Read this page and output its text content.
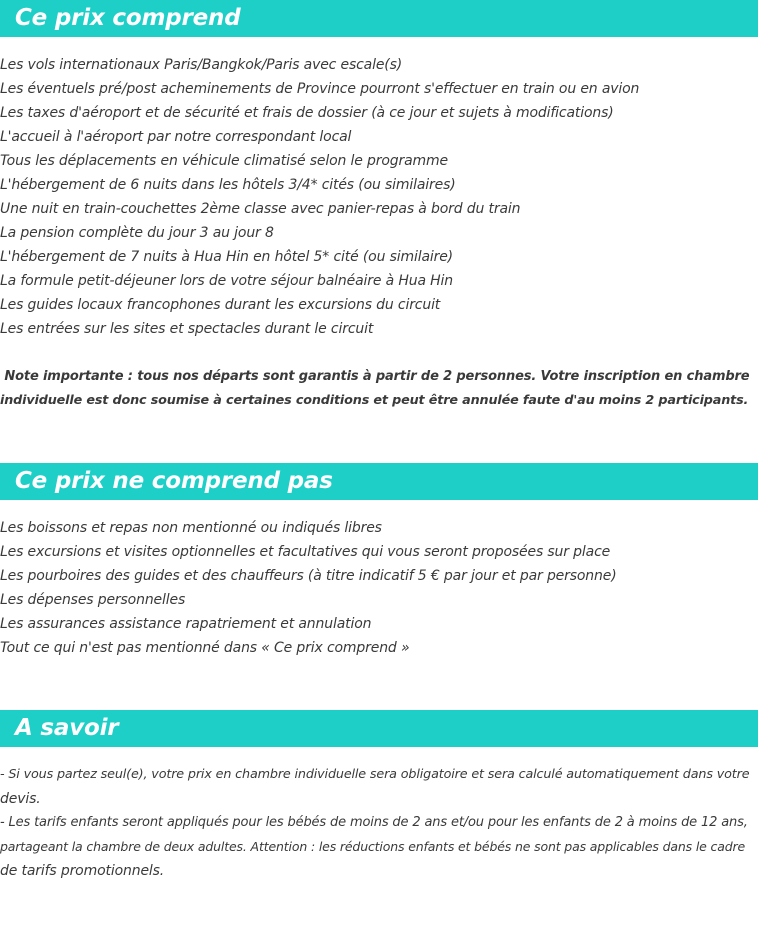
Ce prix comprend
Les vols internationaux Paris/Bangkok/Paris avec escale(s)
Les éventuels pré/post acheminements de Province pourront s'effectuer en train ou en avion
Les taxes d'aéroport et de sécurité et frais de dossier (à ce jour et sujets à modifications)
L'accueil à l'aéroport par notre correspondant local
Tous les déplacements en véhicule climatisé selon le programme
L'hébergement de 6 nuits dans les hôtels 3/4* cités (ou similaires)
Une nuit en train-couchettes 2ème classe avec panier-repas à bord du train
La pension complète du jour 3 au jour 8
L'hébergement de 7 nuits à Hua Hin en hôtel 5* cité (ou similaire)
La formule petit-déjeuner lors de votre séjour balnéaire à Hua Hin
Les guides locaux francophones durant les excursions du circuit
Les entrées sur les sites et spectacles durant le circuit
Note importante : tous nos départs sont garantis à partir de 2 personnes. Votre inscription en chambre
individuelle est donc soumise à certaines conditions et peut être annulée faute d'au moins 2 participants.
Ce prix ne comprend pas
Les boissons et repas non mentionné ou indiqués libres
Les excursions et visites optionnelles et facultatives qui vous seront proposées sur place
Les pourboires des guides et des chauffeurs (à titre indicatif 5 € par jour et par personne)
Les dépenses personnelles
Les assurances assistance rapatriement et annulation
Tout ce qui n'est pas mentionné dans « Ce prix comprend »
A savoir
- Si vous partez seul(e), votre prix en chambre individuelle sera obligatoire et sera calculé automatiquement dans votre
devis.
- Les tarifs enfants seront appliqués pour les bébés de moins de 2 ans et/ou pour les enfants de 2 à moins de 12 ans,
partageant la chambre de deux adultes. Attention : les réductions enfants et bébés ne sont pas applicables dans le cadre
de tarifs promotionnels.
